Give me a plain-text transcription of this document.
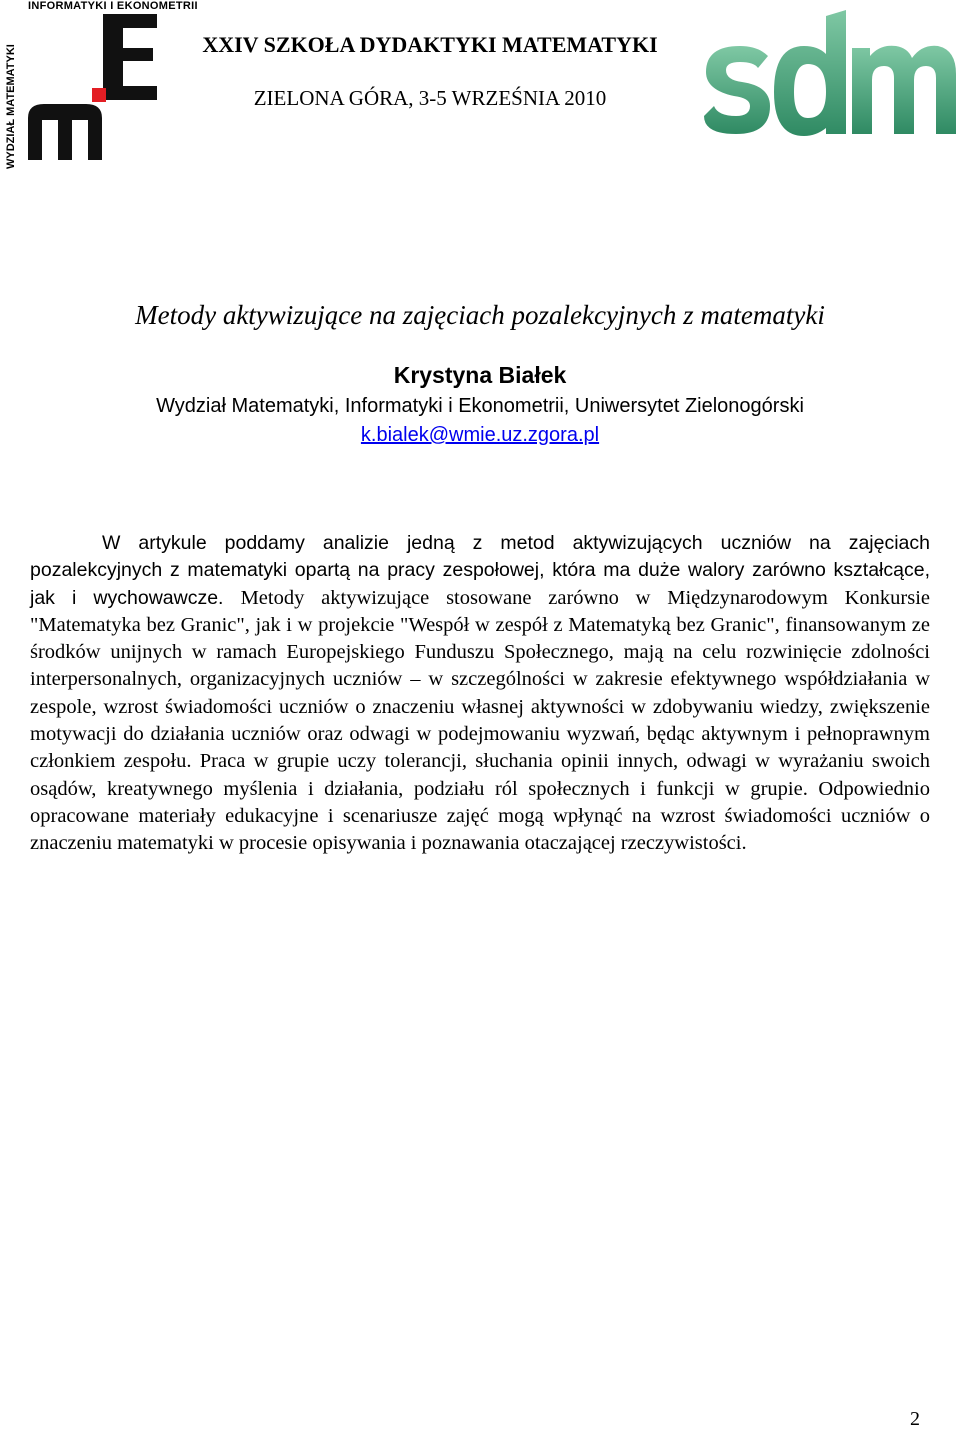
INFORMATYKI I EKONOMETRII
WYDZIAŁ MATEMATYKI	XXIV SZKOŁA DYDAKTYKI MATEMATYKI
ZIELONA GÓRA, 3-5 WRZEŚNIA 2010
Metody aktywizujące na zajęciach pozalekcyjnych z matematyki
Krystyna Białek
Wydział Matematyki, Informatyki i Ekonometrii, Uniwersytet Zielonogórski
k.bialek@wmie.uz.zgora.pl

W artykule poddamy analizie jedną z metod aktywizujących uczniów na zajęciach pozalekcyjnych z matematyki opartą na pracy zespołowej, która ma duże walory zarówno kształcące, jak i wychowawcze. Metody aktywizujące stosowane zarówno w Międzynarodowym Konkursie "Matematyka bez Granic", jak i w projekcie "Wespół w zespół z Matematyką bez Granic", finansowanym ze środków unijnych w ramach Europejskiego Funduszu Społecznego, mają na celu rozwinięcie zdolności interpersonalnych, organizacyjnych uczniów – w szczególności w zakresie efektywnego współdziałania w zespole, wzrost świadomości uczniów o znaczeniu własnej aktywności w zdobywaniu wiedzy, zwiększenie motywacji do działania uczniów oraz odwagi w podejmowaniu wyzwań, będąc aktywnym i pełnoprawnym członkiem zespołu. Praca w grupie uczy tolerancji, słuchania opinii innych, odwagi w wyrażaniu swoich osądów, kreatywnego myślenia i działania, podziału ról społecznych i funkcji w grupie. Odpowiednio opracowane materiały edukacyjne i scenariusze zajęć mogą wpłynąć na wzrost świadomości uczniów o znaczeniu matematyki w procesie opisywania i poznawania otaczającej rzeczywistości.

2
